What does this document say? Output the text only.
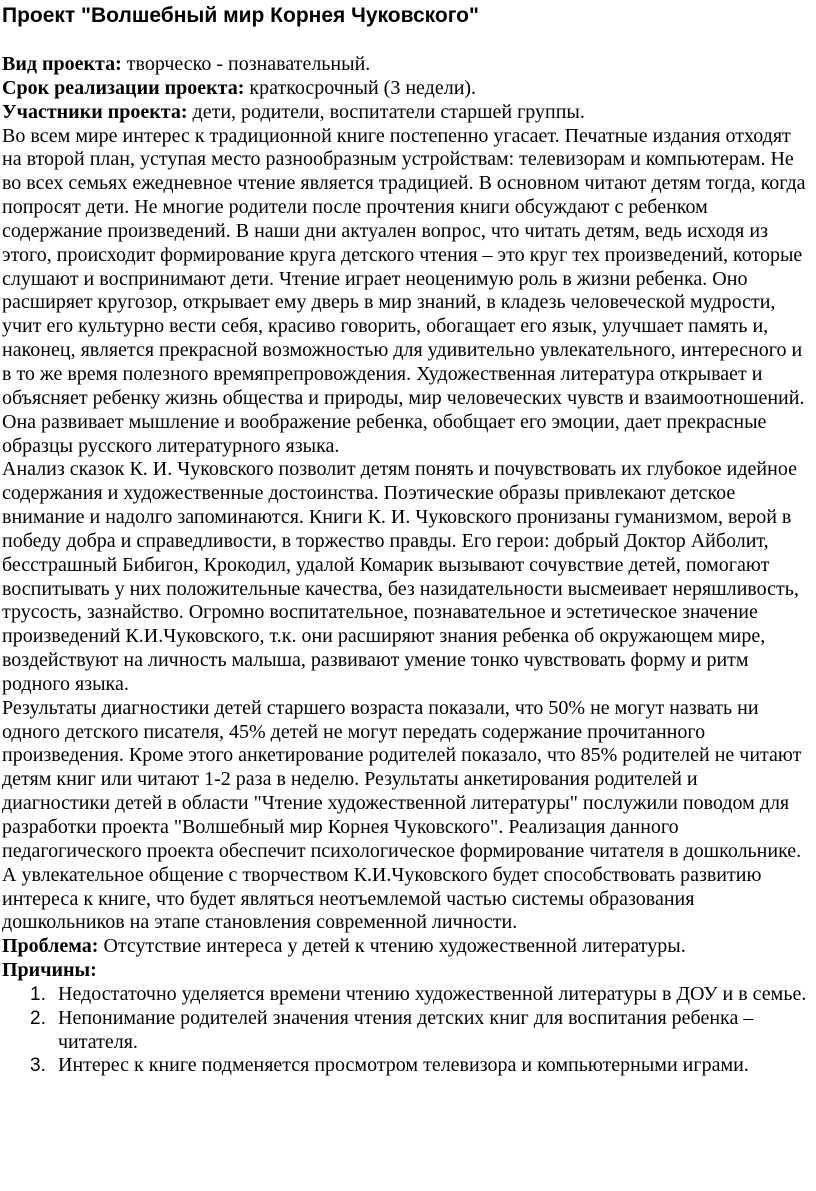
Проект "Волшебный мир Корнея Чуковского"

Вид проекта: творческо - познавательный.

Срок реализации проекта: краткосрочный (3 недели).

Участники проекта: дети, родители, воспитатели старшей группы.

Во всем мире интерес к традиционной книге постепенно угасает. Печатные издания отходят на второй план, уступая место разнообразным устройствам: телевизорам и компьютерам. Не во всех семьях ежедневное чтение является традицией. В основном читают детям тогда, когда попросят дети. Не многие родители после прочтения книги обсуждают с ребенком содержание произведений. В наши дни актуален вопрос, что читать детям, ведь исходя из этого, происходит формирование круга детского чтения – это круг тех произведений, которые слушают и воспринимают дети. Чтение играет неоценимую роль в жизни ребенка. Оно расширяет кругозор, открывает ему дверь в мир знаний, в кладезь человеческой мудрости, учит его культурно вести себя, красиво говорить, обогащает его язык, улучшает память и, наконец, является прекрасной возможностью для удивительно увлекательного, интересного и в то же время полезного времяпрепровождения. Художественная литература открывает и объясняет ребенку жизнь общества и природы, мир человеческих чувств и взаимоотношений. Она развивает мышление и воображение ребенка, обобщает его эмоции, дает прекрасные образцы русского литературного языка.

Анализ сказок К. И. Чуковского позволит детям понять и почувствовать их глубокое идейное содержания и художественные достоинства. Поэтические образы привлекают детское внимание и надолго запоминаются. Книги К. И. Чуковского пронизаны гуманизмом, верой в победу добра и справедливости, в торжество правды. Его герои: добрый Доктор Айболит, бесстрашный Бибигон, Крокодил, удалой Комарик вызывают сочувствие детей, помогают воспитывать у них положительные качества, без назидательности высмеивает неряшливость, трусость, зазнайство. Огромно воспитательное, познавательное и эстетическое значение произведений К.И.Чуковского, т.к. они расширяют знания ребенка об окружающем мире, воздействуют на личность малыша, развивают умение тонко чувствовать форму и ритм родного языка.

Результаты диагностики детей старшего возраста показали, что 50% не могут назвать ни одного детского писателя, 45% детей не могут передать содержание прочитанного произведения. Кроме этого анкетирование родителей показало, что 85% родителей не читают детям книг или читают 1-2 раза в неделю. Результаты анкетирования родителей и диагностики детей в области "Чтение художественной литературы" послужили поводом для разработки проекта "Волшебный мир Корнея Чуковского". Реализация данного педагогического проекта обеспечит психологическое формирование читателя в дошкольнике. А увлекательное общение с творчеством К.И.Чуковского будет способствовать развитию интереса к книге, что будет являться неотъемлемой частью системы образования дошкольников на этапе становления современной личности.

Проблема: Отсутствие интереса у детей к чтению художественной литературы.

Причины:

1. Недостаточно уделяется времени чтению художественной литературы в ДОУ и в семье.
2. Непонимание родителей значения чтения детских книг для воспитания ребенка – читателя.
3. Интерес к книге подменяется просмотром телевизора и компьютерными играми.
